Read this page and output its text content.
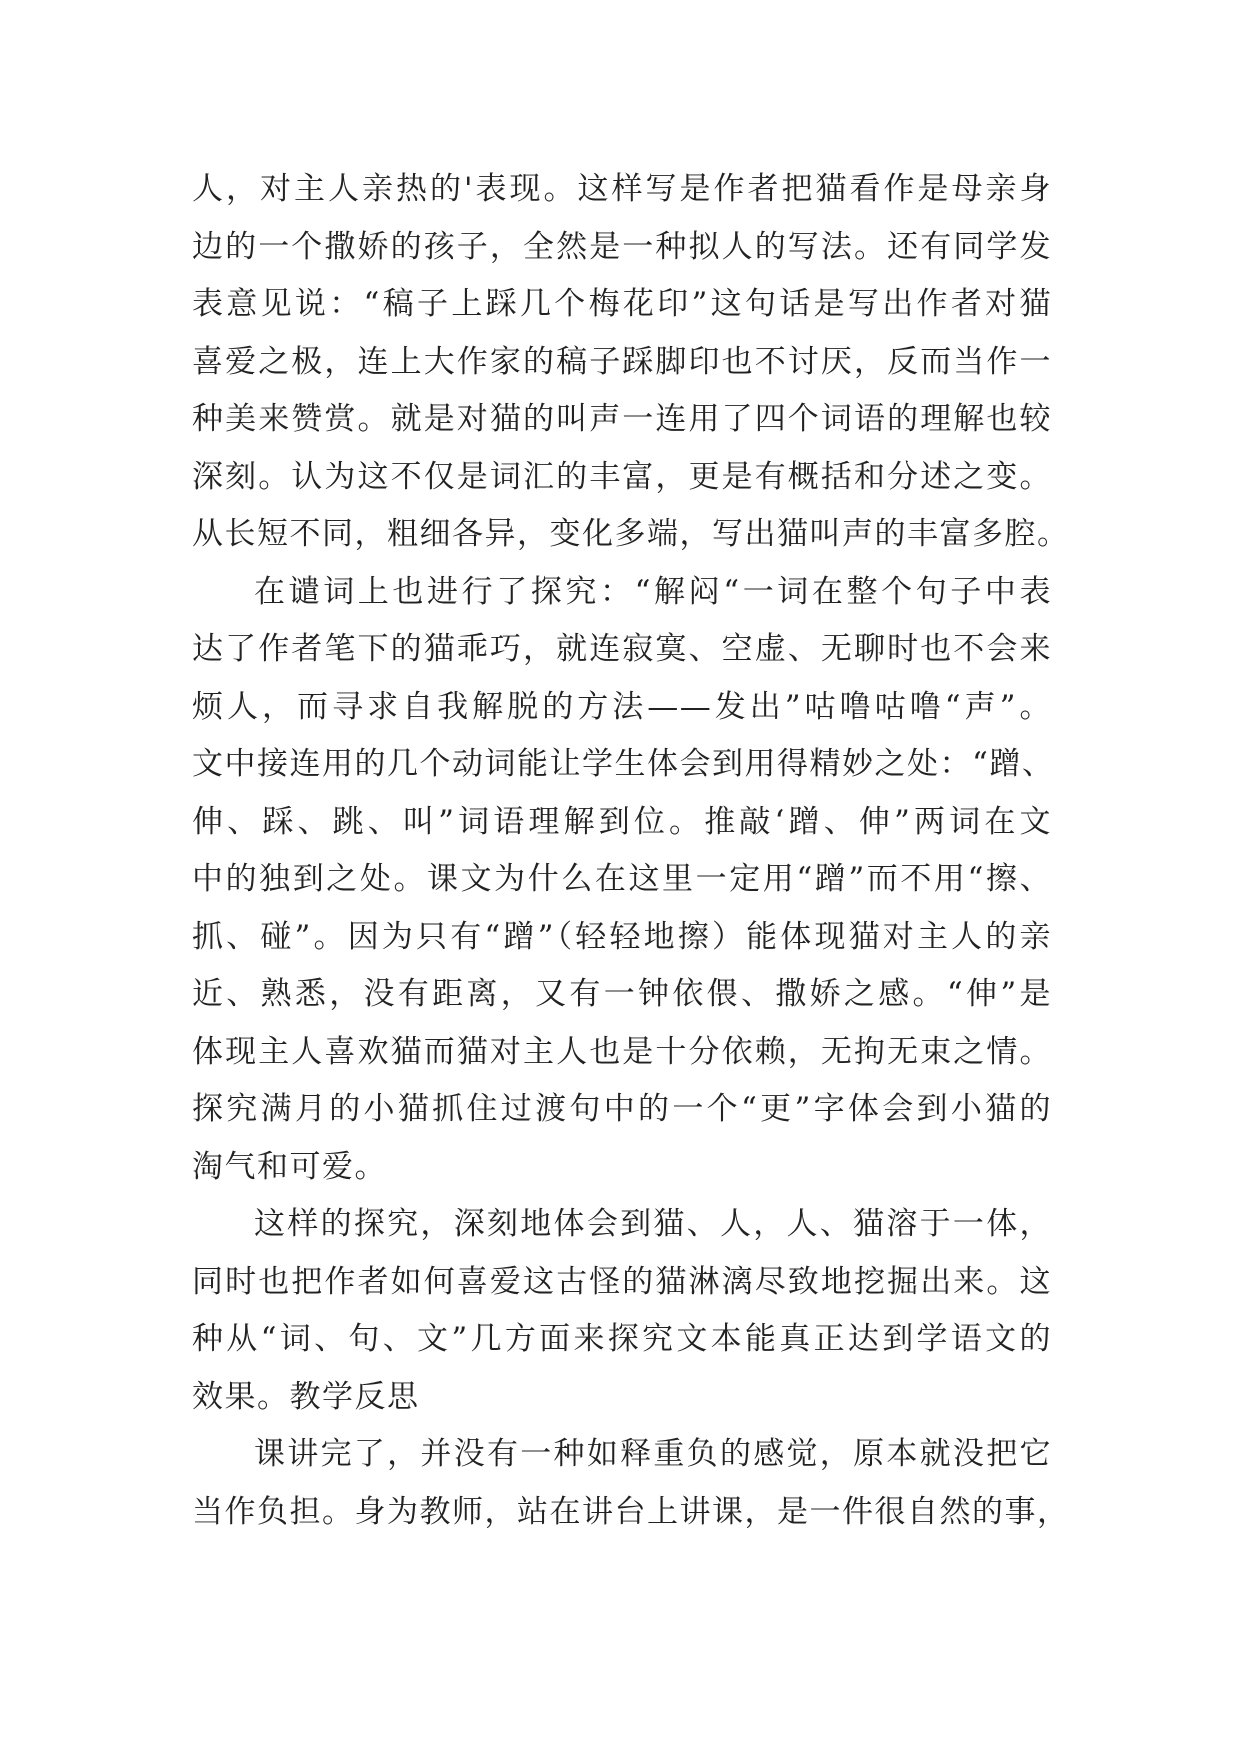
人，对主人亲热的'表现。这样写是作者把猫看作是母亲身
边的一个撒娇的孩子，全然是一种拟人的写法。还有同学发
表意见说：“稿子上踩几个梅花印”这句话是写出作者对猫
喜爱之极，连上大作家的稿子踩脚印也不讨厌，反而当作一
种美来赞赏。就是对猫的叫声一连用了四个词语的理解也较
深刻。认为这不仅是词汇的丰富，更是有概括和分述之变。
从长短不同，粗细各异，变化多端，写出猫叫声的丰富多腔。
在谴词上也进行了探究：“解闷“一词在整个句子中表
达了作者笔下的猫乖巧，就连寂寞、空虚、无聊时也不会来
烦人，而寻求自我解脱的方法——发出”咕噜咕噜“声”。
文中接连用的几个动词能让学生体会到用得精妙之处：“蹭、
伸、踩、跳、叫”词语理解到位。推敲‘蹭、伸”两词在文
中的独到之处。课文为什么在这里一定用“蹭”而不用“擦、
抓、碰”。因为只有“蹭”（轻轻地擦）能体现猫对主人的亲
近、熟悉，没有距离，又有一钟依偎、撒娇之感。“伸”是
体现主人喜欢猫而猫对主人也是十分依赖，无拘无束之情。
探究满月的小猫抓住过渡句中的一个“更”字体会到小猫的
淘气和可爱。
这样的探究，深刻地体会到猫、人，人、猫溶于一体，
同时也把作者如何喜爱这古怪的猫淋漓尽致地挖掘出来。这
种从“词、句、文”几方面来探究文本能真正达到学语文的
效果。教学反思
课讲完了，并没有一种如释重负的感觉，原本就没把它
当作负担。身为教师，站在讲台上讲课，是一件很自然的事，
